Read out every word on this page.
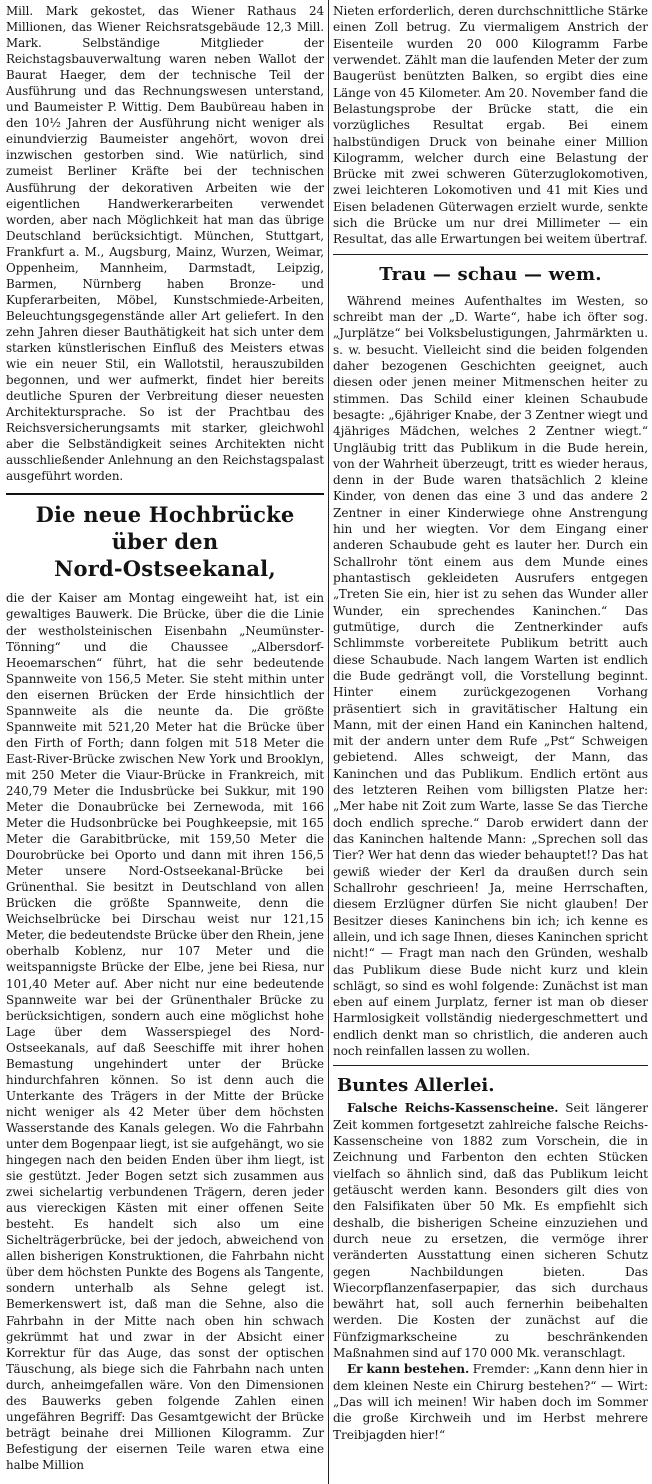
Mill. Mark gekostet, das Wiener Rathaus 24 Millionen, das Wiener Reichsratsgebäude 12,3 Mill. Mark. Selbständige Mitglieder der Reichstagsbauverwaltung waren neben Wallot der Baurat Haeger, dem der technische Teil der Ausführung und das Rechnungswesen unterstand, und Baumeister P. Wittig. Dem Baubüreau haben in den 10½ Jahren der Ausführung nicht weniger als einundvierzig Baumeister angehört, wovon drei inzwischen gestorben sind. Wie natürlich, sind zumeist Berliner Kräfte bei der technischen Ausführung der dekorativen Arbeiten wie der eigentlichen Handwerkerarbeiten verwendet worden, aber nach Möglichkeit hat man das übrige Deutschland berücksichtigt. München, Stuttgart, Frankfurt a. M., Augsburg, Mainz, Wurzen, Weimar, Oppenheim, Mannheim, Darmstadt, Leipzig, Barmen, Nürnberg haben Bronze- und Kupferarbeiten, Möbel, Kunstschmiede-Arbeiten, Beleuchtungsgegenstände aller Art geliefert. In den zehn Jahren dieser Bauthätigkeit hat sich unter dem starken künstlerischen Einfluß des Meisters etwas wie ein neuer Stil, ein Wallotstil, herauszubilden begonnen, und wer aufmerkt, findet hier bereits deutliche Spuren der Verbreitung dieser neuesten Architektursprache. So ist der Prachtbau des Reichsversicherungsamts mit starker, gleichwohl aber die Selbständigkeit seines Architekten nicht ausschließender Anlehnung an den Reichstagspalast ausgeführt worden.

Die neue Hochbrücke über den
Nord-Ostseekanal,

die der Kaiser am Montag eingeweiht hat, ist ein gewaltiges Bauwerk. Die Brücke, über die die Linie der westholsteinischen Eisenbahn „Neumünster-Tönning“ und die Chaussee „Albersdorf-Heoemarschen“ führt, hat die sehr bedeutende Spannweite von 156,5 Meter. Sie steht mithin unter den eisernen Brücken der Erde hinsichtlich der Spannweite als die neunte da. Die größte Spannweite mit 521,20 Meter hat die Brücke über den Firth of Forth; dann folgen mit 518 Meter die East-River-Brücke zwischen New York und Brooklyn, mit 250 Meter die Viaur-Brücke in Frankreich, mit 240,79 Meter die Indusbrücke bei Sukkur, mit 190 Meter die Donaubrücke bei Zernewoda, mit 166 Meter die Hudsonbrücke bei Poughkeepsie, mit 165 Meter die Garabitbrücke, mit 159,50 Meter die Dourobrücke bei Oporto und dann mit ihren 156,5 Meter unsere Nord-Ostseekanal-Brücke bei Grünenthal. Sie besitzt in Deutschland von allen Brücken die größte Spannweite, denn die Weichselbrücke bei Dirschau weist nur 121,15 Meter, die bedeutendste Brücke über den Rhein, jene oberhalb Koblenz, nur 107 Meter und die weitspannigste Brücke der Elbe, jene bei Riesa, nur 101,40 Meter auf. Aber nicht nur eine bedeutende Spannweite war bei der Grünenthaler Brücke zu berücksichtigen, sondern auch eine möglichst hohe Lage über dem Wasserspiegel des Nord-Ostseekanals, auf daß Seeschiffe mit ihrer hohen Bemastung ungehindert unter der Brücke hindurchfahren können. So ist denn auch die Unterkante des Trägers in der Mitte der Brücke nicht weniger als 42 Meter über dem höchsten Wasserstande des Kanals gelegen. Wo die Fahrbahn unter dem Bogenpaar liegt, ist sie aufgehängt, wo sie hingegen nach den beiden Enden über ihm liegt, ist sie gestützt. Jeder Bogen setzt sich zusammen aus zwei sichelartig verbundenen Trägern, deren jeder aus viereckigen Kästen mit einer offenen Seite besteht. Es handelt sich also um eine Sichelträgerbrücke, bei der jedoch, abweichend von allen bisherigen Konstruktionen, die Fahrbahn nicht über dem höchsten Punkte des Bogens als Tangente, sondern unterhalb als Sehne gelegt ist. Bemerkenswert ist, daß man die Sehne, also die Fahrbahn in der Mitte nach oben hin schwach gekrümmt hat und zwar in der Absicht einer Korrektur für das Auge, das sonst der optischen Täuschung, als biege sich die Fahrbahn nach unten durch, anheimgefallen wäre. Von den Dimensionen des Bauwerks geben folgende Zahlen einen ungefähren Begriff: Das Gesamtgewicht der Brücke beträgt beinahe drei Millionen Kilogramm. Zur Befestigung der eisernen Teile waren etwa eine halbe Million

Nieten erforderlich, deren durchschnittliche Stärke einen Zoll betrug. Zu viermaligem Anstrich der Eisenteile wurden 20 000 Kilogramm Farbe verwendet. Zählt man die laufenden Meter der zum Baugerüst benützten Balken, so ergibt dies eine Länge von 45 Kilometer. Am 20. November fand die Belastungsprobe der Brücke statt, die ein vorzügliches Resultat ergab. Bei einem halbstündigen Druck von beinahe einer Million Kilogramm, welcher durch eine Belastung der Brücke mit zwei schweren Güterzuglokomotiven, zwei leichteren Lokomotiven und 41 mit Kies und Eisen beladenen Güterwagen erzielt wurde, senkte sich die Brücke um nur drei Millimeter — ein Resultat, das alle Erwartungen bei weitem übertraf.

Trau — schau — wem.

Während meines Aufenthaltes im Westen, so schreibt man der „D. Warte“, habe ich öfter sog. „Jurplätze“ bei Volksbelustigungen, Jahrmärkten u. s. w. besucht. Vielleicht sind die beiden folgenden daher bezogenen Geschichten geeignet, auch diesen oder jenen meiner Mitmenschen heiter zu stimmen. Das Schild einer kleinen Schaubude besagte: „6jähriger Knabe, der 3 Zentner wiegt und 4jähriges Mädchen, welches 2 Zentner wiegt.“ Ungläubig tritt das Publikum in die Bude herein, von der Wahrheit überzeugt, tritt es wieder heraus, denn in der Bude waren thatsächlich 2 kleine Kinder, von denen das eine 3 und das andere 2 Zentner in einer Kinderwiege ohne Anstrengung hin und her wiegten. Vor dem Eingang einer anderen Schaubude geht es lauter her. Durch ein Schallrohr tönt einem aus dem Munde eines phantastisch gekleideten Ausrufers entgegen „Treten Sie ein, hier ist zu sehen das Wunder aller Wunder, ein sprechendes Kaninchen.“ Das gutmütige, durch die Zentnerkinder aufs Schlimmste vorbereitete Publikum betritt auch diese Schaubude. Nach langem Warten ist endlich die Bude gedrängt voll, die Vorstellung beginnt. Hinter einem zurückgezogenen Vorhang präsentiert sich in gravitätischer Haltung ein Mann, mit der einen Hand ein Kaninchen haltend, mit der andern unter dem Rufe „Pst“ Schweigen gebietend. Alles schweigt, der Mann, das Kaninchen und das Publikum. Endlich ertönt aus des letzteren Reihen vom billigsten Platze her: „Mer habe nit Zoit zum Warte, lasse Se das Tierche doch endlich spreche.“ Darob erwidert dann der das Kaninchen haltende Mann: „Sprechen soll das Tier? Wer hat denn das wieder behauptet!? Das hat gewiß wieder der Kerl da draußen durch sein Schallrohr geschrieen! Ja, meine Herrschaften, diesem Erzlügner dürfen Sie nicht glauben! Der Besitzer dieses Kaninchens bin ich; ich kenne es allein, und ich sage Ihnen, dieses Kaninchen spricht nicht!“ — Fragt man nach den Gründen, weshalb das Publikum diese Bude nicht kurz und klein schlägt, so sind es wohl folgende: Zunächst ist man eben auf einem Jurplatz, ferner ist man ob dieser Harmlosigkeit vollständig niedergeschmettert und endlich denkt man so christlich, die anderen auch noch reinfallen lassen zu wollen.

Buntes Allerlei.

Falsche Reichs-Kassenscheine. Seit längerer Zeit kommen fortgesetzt zahlreiche falsche Reichs-Kassenscheine von 1882 zum Vorschein, die in Zeichnung und Farbenton den echten Stücken vielfach so ähnlich sind, daß das Publikum leicht getäuscht werden kann. Besonders gilt dies von den Falsifikaten über 50 Mk. Es empfiehlt sich deshalb, die bisherigen Scheine einzuziehen und durch neue zu ersetzen, die vermöge ihrer veränderten Ausstattung einen sicheren Schutz gegen Nachbildungen bieten. Das Wiecorpflanzenfaserpapier, das sich durchaus bewährt hat, soll auch fernerhin beibehalten werden. Die Kosten der zunächst auf die Fünfzigmarkscheine zu beschränkenden Maßnahmen sind auf 170 000 Mk. veranschlagt.

Er kann bestehen. Fremder: „Kann denn hier in dem kleinen Neste ein Chirurg bestehen?“ — Wirt: „Das will ich meinen! Wir haben doch im Sommer die große Kirchweih und im Herbst mehrere Treibjagden hier!“
